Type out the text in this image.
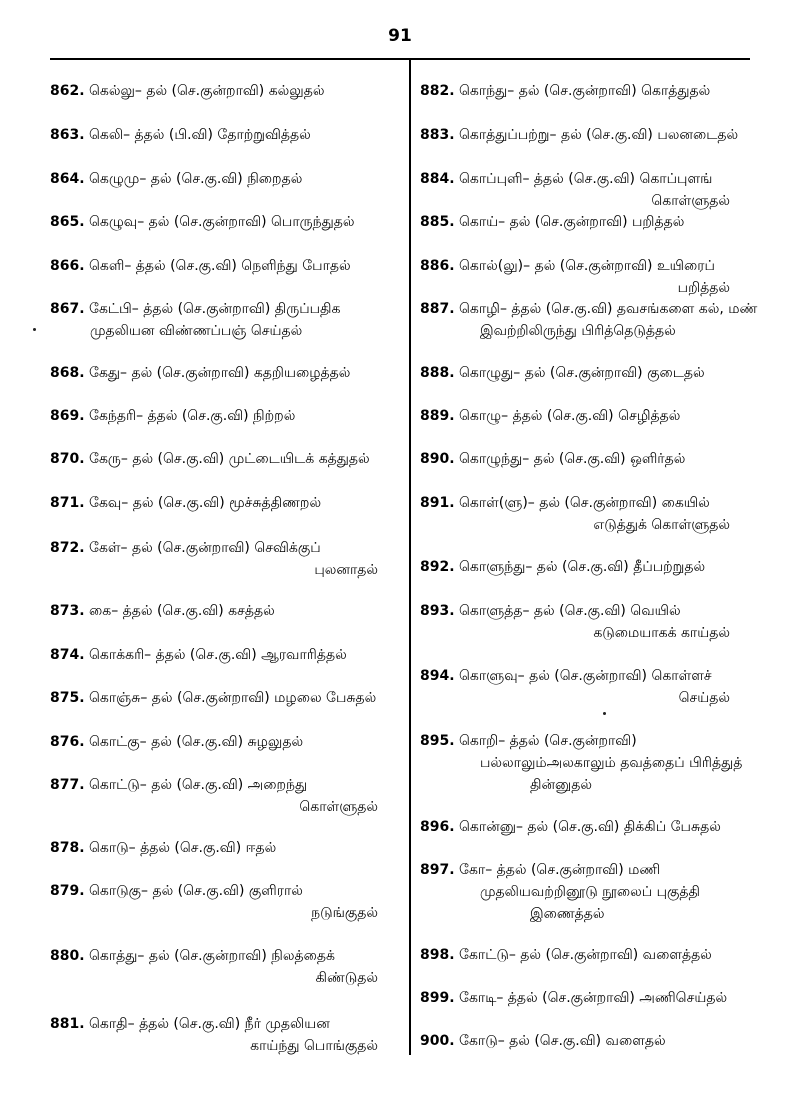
91
862. கெல்லு– தல் (செ.குன்றாவி) கல்லுதல்
863. கெலி– த்தல் (பி.வி) தோற்றுவித்தல்
864. கெழுமு– தல் (செ.கு.வி) நிறைதல்
865. கெழுவு– தல் (செ.குன்றாவி) பொருந்துதல்
866. கெளி– த்தல் (செ.கு.வி) நெளிந்து போதல்
867. கேட்பி– த்தல் (செ.குன்றாவி) திருப்பதிக
முதலியன விண்ணப்பஞ் செய்தல்
868. கேது– தல் (செ.குன்றாவி) கதறியழைத்தல்
869. கேந்தரி– த்தல் (செ.கு.வி) நிற்றல்
870. கேரு– தல் (செ.கு.வி) முட்டையிடக் கத்துதல்
871. கேவு– தல் (செ.கு.வி) மூச்சுத்திணறல்
872. கேள்– தல் (செ.குன்றாவி) செவிக்குப்
புலனாதல்
873. கை– த்தல் (செ.கு.வி) கசத்தல்
874. கொக்கரி– த்தல் (செ.கு.வி) ஆரவாரித்தல்
875. கொஞ்சு– தல் (செ.குன்றாவி) மழலை பேசுதல்
876. கொட்கு– தல் (செ.கு.வி) சுழலுதல்
877. கொட்டு– தல் (செ.கு.வி) அறைந்து
கொள்ளுதல்
878. கொடு– த்தல் (செ.கு.வி) ஈதல்
879. கொடுகு– தல் (செ.கு.வி) குளிரால்
நடுங்குதல்
880. கொத்து– தல் (செ.குன்றாவி) நிலத்தைக்
கிண்டுதல்
881. கொதி– த்தல் (செ.கு.வி) நீர் முதலியன
காய்ந்து பொங்குதல்
882. கொந்து– தல் (செ.குன்றாவி) கொத்துதல்
883. கொத்துப்பற்று– தல் (செ.கு.வி) பலனடைதல்
884. கொப்புளி– த்தல் (செ.கு.வி) கொப்புளங்
கொள்ளுதல்
885. கொய்– தல் (செ.குன்றாவி) பறித்தல்
886. கொல்(லு)– தல் (செ.குன்றாவி) உயிரைப்
பறித்தல்
887. கொழி– த்தல் (செ.கு.வி) தவசங்களை கல், மண்
இவற்றிலிருந்து பிரித்தெடுத்தல்
888. கொழுது– தல் (செ.குன்றாவி) குடைதல்
889. கொழு– த்தல் (செ.கு.வி) செழித்தல்
890. கொழுந்து– தல் (செ.கு.வி) ஒளிர்தல்
891. கொள்(ளு)– தல் (செ.குன்றாவி) கையில்
எடுத்துக் கொள்ளுதல்
892. கொளுந்து– தல் (செ.கு.வி) தீப்பற்றுதல்
893. கொளுத்த– தல் (செ.கு.வி) வெயில்
கடுமையாகக் காய்தல்
894. கொளுவு– தல் (செ.குன்றாவி) கொள்ளச்
செய்தல்
895. கொறி– த்தல் (செ.குன்றாவி)
பல்லாலும்அலகாலும் தவத்தைப் பிரித்துத்
தின்னுதல்
896. கொன்னு– தல் (செ.கு.வி) திக்கிப் பேசுதல்
897. கோ– த்தல் (செ.குன்றாவி) மணி
முதலியவற்றினூடு நூலைப் புகுத்தி
இணைத்தல்
898. கோட்டு– தல் (செ.குன்றாவி) வளைத்தல்
899. கோடி– த்தல் (செ.குன்றாவி) அணிசெய்தல்
900. கோடு– தல் (செ.கு.வி) வளைதல்
